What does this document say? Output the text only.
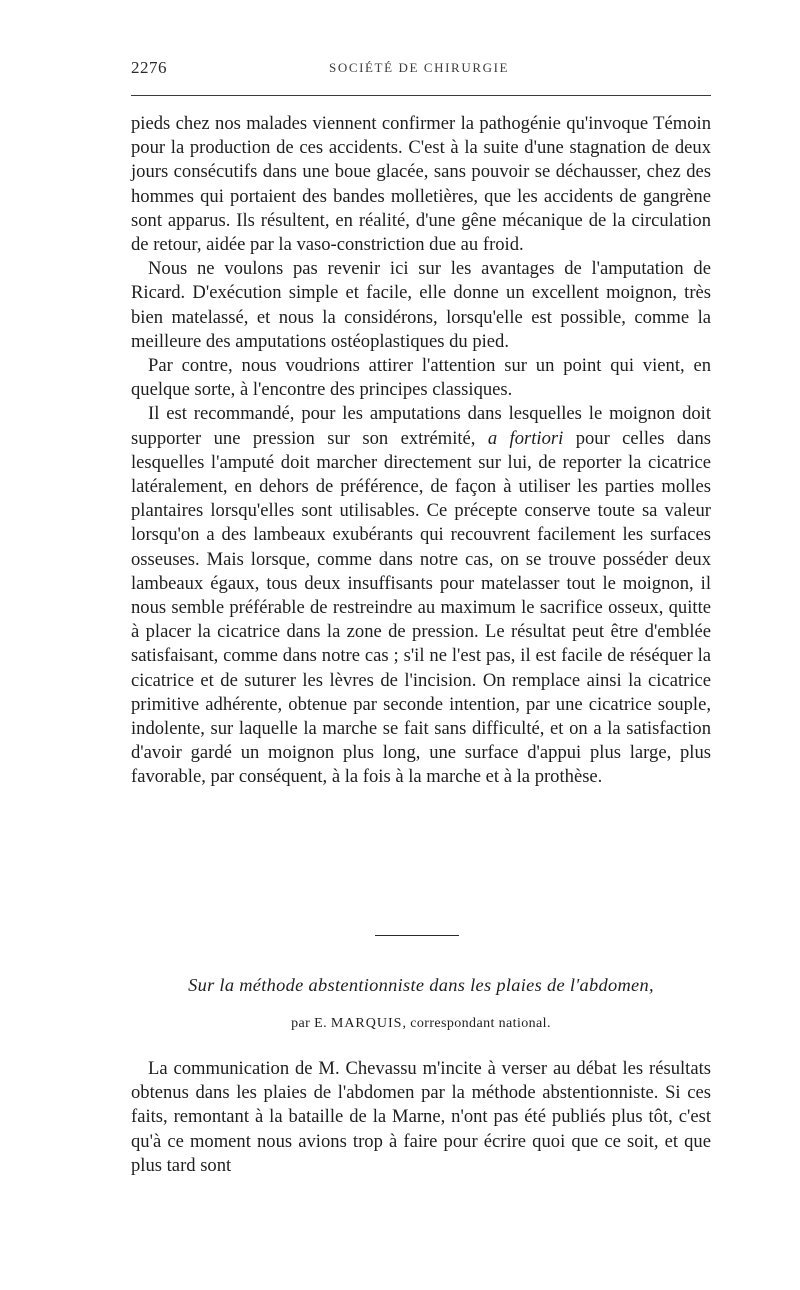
2276	SOCIÉTÉ DE CHIRURGIE

pieds chez nos malades viennent confirmer la pathogénie qu'invoque Témoin pour la production de ces accidents. C'est à la suite d'une stagnation de deux jours consécutifs dans une boue glacée, sans pouvoir se déchausser, chez des hommes qui portaient des bandes molletières, que les accidents de gangrène sont apparus. Ils résultent, en réalité, d'une gêne mécanique de la circulation de retour, aidée par la vaso-constriction due au froid.

Nous ne voulons pas revenir ici sur les avantages de l'amputation de Ricard. D'exécution simple et facile, elle donne un excellent moignon, très bien matelassé, et nous la considérons, lorsqu'elle est possible, comme la meilleure des amputations ostéoplastiques du pied.

Par contre, nous voudrions attirer l'attention sur un point qui vient, en quelque sorte, à l'encontre des principes classiques.

Il est recommandé, pour les amputations dans lesquelles le moignon doit supporter une pression sur son extrémité, a fortiori pour celles dans lesquelles l'amputé doit marcher directement sur lui, de reporter la cicatrice latéralement, en dehors de préférence, de façon à utiliser les parties molles plantaires lorsqu'elles sont utilisables. Ce précepte conserve toute sa valeur lorsqu'on a des lambeaux exubérants qui recouvrent facilement les surfaces osseuses. Mais lorsque, comme dans notre cas, on se trouve posséder deux lambeaux égaux, tous deux insuffisants pour matelasser tout le moignon, il nous semble préférable de restreindre au maximum le sacrifice osseux, quitte à placer la cicatrice dans la zone de pression. Le résultat peut être d'emblée satisfaisant, comme dans notre cas ; s'il ne l'est pas, il est facile de réséquer la cicatrice et de suturer les lèvres de l'incision. On remplace ainsi la cicatrice primitive adhérente, obtenue par seconde intention, par une cicatrice souple, indolente, sur laquelle la marche se fait sans difficulté, et on a la satisfaction d'avoir gardé un moignon plus long, une surface d'appui plus large, plus favorable, par conséquent, à la fois à la marche et à la prothèse.

Sur la méthode abstentionniste dans les plaies de l'abdomen,
par E. MARQUIS, correspondant national.

La communication de M. Chevassu m'incite à verser au débat les résultats obtenus dans les plaies de l'abdomen par la méthode abstentionniste. Si ces faits, remontant à la bataille de la Marne, n'ont pas été publiés plus tôt, c'est qu'à ce moment nous avions trop à faire pour écrire quoi que ce soit, et que plus tard sont
